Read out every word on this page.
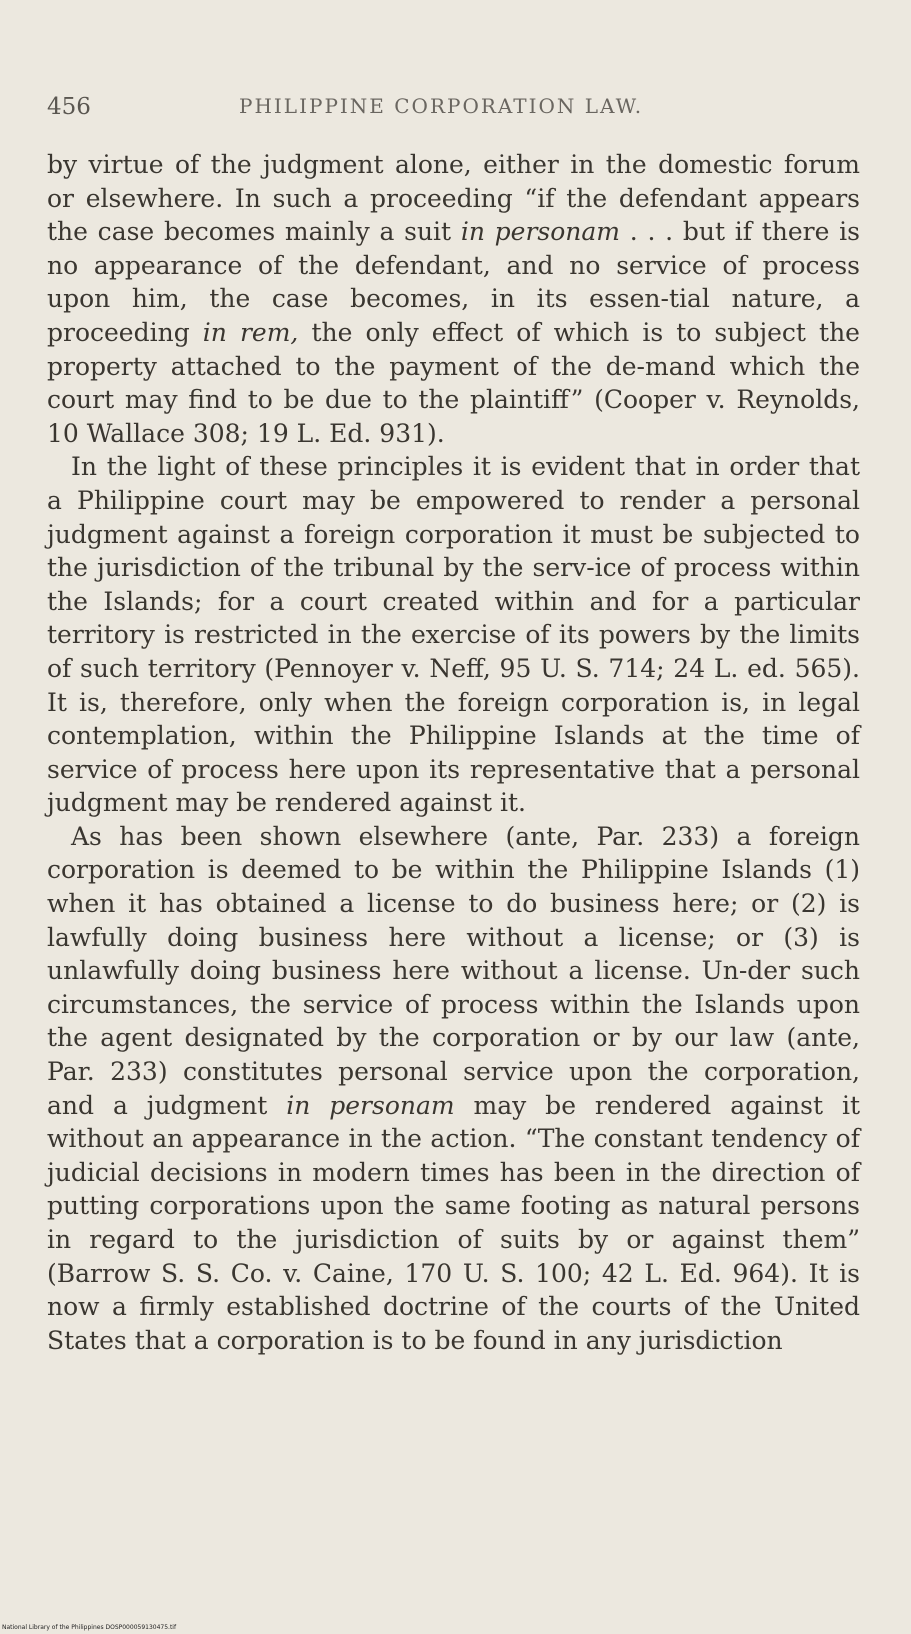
456	PHILIPPINE CORPORATION LAW.

by virtue of the judgment alone, either in the domestic forum or elsewhere. In such a proceeding “if the defendant appears the case becomes mainly a suit in personam . . . but if there is no appearance of the defendant, and no service of process upon him, the case becomes, in its essen-tial nature, a proceeding in rem, the only effect of which is to subject the property attached to the payment of the de-mand which the court may find to be due to the plaintiff” (Cooper v. Reynolds, 10 Wallace 308; 19 L. Ed. 931).

In the light of these principles it is evident that in order that a Philippine court may be empowered to render a personal judgment against a foreign corporation it must be subjected to the jurisdiction of the tribunal by the serv-ice of process within the Islands; for a court created within and for a particular territory is restricted in the exercise of its powers by the limits of such territory (Pennoyer v. Neff, 95 U. S. 714; 24 L. ed. 565). It is, therefore, only when the foreign corporation is, in legal contemplation, within the Philippine Islands at the time of service of process here upon its representative that a personal judgment may be rendered against it.

As has been shown elsewhere (ante, Par. 233) a foreign corporation is deemed to be within the Philippine Islands (1) when it has obtained a license to do business here; or (2) is lawfully doing business here without a license; or (3) is unlawfully doing business here without a license. Un-der such circumstances, the service of process within the Islands upon the agent designated by the corporation or by our law (ante, Par. 233) constitutes personal service upon the corporation, and a judgment in personam may be rendered against it without an appearance in the action. “The constant tendency of judicial decisions in modern times has been in the direction of putting corporations upon the same footing as natural persons in regard to the jurisdiction of suits by or against them” (Barrow S. S. Co. v. Caine, 170 U. S. 100; 42 L. Ed. 964). It is now a firmly established doctrine of the courts of the United States that a corporation is to be found in any jurisdiction

National Library of the Philippines DOSP000059130475.tif
